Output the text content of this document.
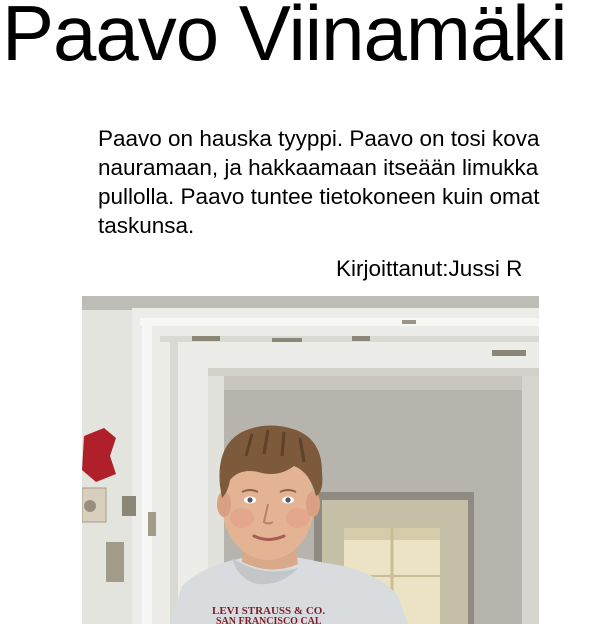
Paavo Viinamäki

Paavo on hauska tyyppi. Paavo on tosi kova nauramaan, ja hakkaamaan itseään limukka pullolla. Paavo tuntee tietokoneen kuin omat taskunsa.

Kirjoittanut:Jussi R
LEVI STRAUSS & CO.
SAN FRANCISCO CAL
